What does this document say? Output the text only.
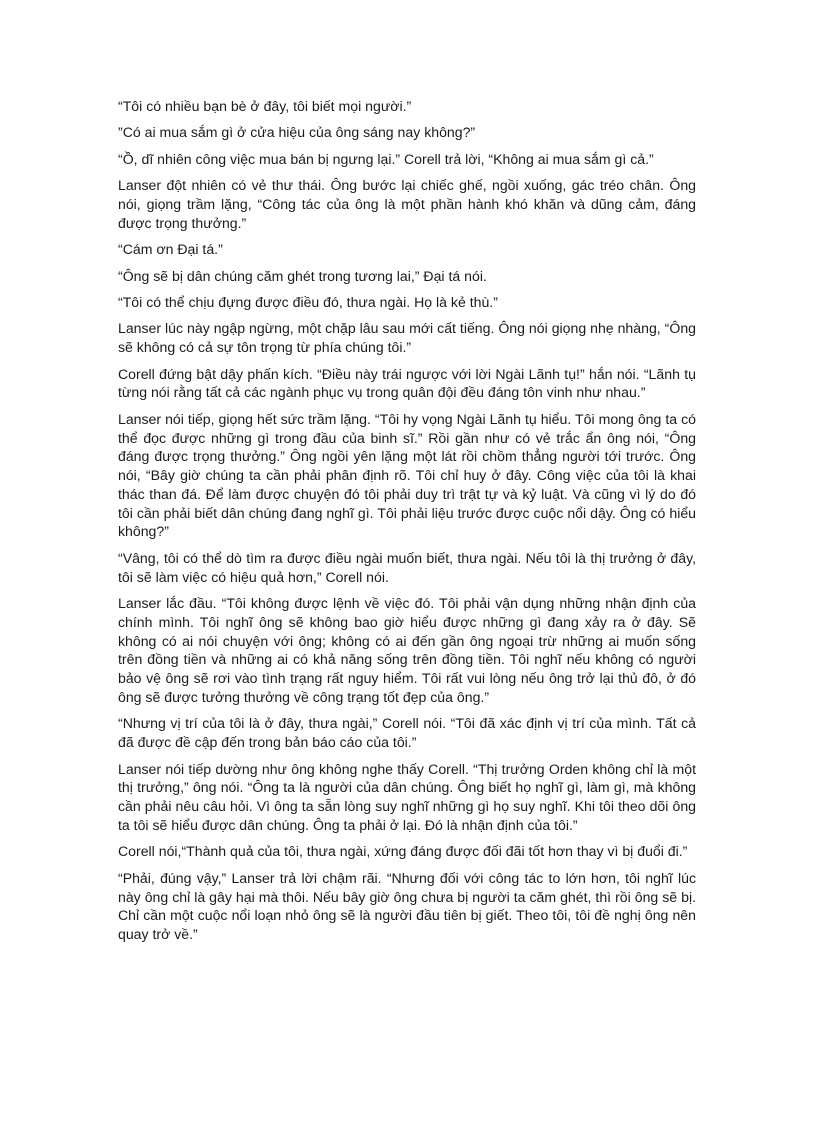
“Tôi có nhiều bạn bè ở đây, tôi biết mọi người.”

”Có ai mua sắm gì ở cửa hiệu của ông sáng nay không?”

“Ồ, dĩ nhiên công việc mua bán bị ngưng lại.” Corell trả lời, “Không ai mua sắm gì cả.”

Lanser đột nhiên có vẻ thư thái. Ông bước lại chiếc ghế, ngồi xuống, gác tréo chân. Ông nói, giọng trầm lặng, “Công tác của ông là một phần hành khó khăn và dũng cảm, đáng được trọng thưởng.”

“Cám ơn Đại tá.”

“Ông sẽ bị dân chúng căm ghét trong tương lai,” Đại tá nói.

“Tôi có thể chịu đựng được điều đó, thưa ngài. Họ là kẻ thù.”

Lanser lúc này ngập ngừng, một chặp lâu sau mới cất tiếng. Ông nói giọng nhẹ nhàng, “Ông sẽ không có cả sự tôn trọng từ phía chúng tôi.”

Corell đứng bật dậy phấn kích. “Điều này trái ngược với lời Ngài Lãnh tụ!” hắn nói. “Lãnh tụ từng nói rằng tất cả các ngành phục vụ trong quân đội đều đáng tôn vinh như nhau.”

Lanser nói tiếp, giọng hết sức trầm lặng. “Tôi hy vọng Ngài Lãnh tụ hiểu. Tôi mong ông ta có thể đọc được những gì trong đầu của binh sĩ.” Rồi gần như có vẻ trắc ẩn ông nói, “Ông đáng được trọng thưởng.” Ông ngồi yên lặng một lát rồi chồm thẳng người tới trước. Ông nói, “Bây giờ chúng ta cần phải phân định rõ. Tôi chỉ huy ở đây. Công việc của tôi là khai thác than đá. Để làm được chuyện đó tôi phải duy trì trật tự và kỷ luật. Và cũng vì lý do đó tôi cần phải biết dân chúng đang nghĩ gì. Tôi phải liệu trước được cuộc nổi dậy. Ông có hiểu không?”

“Vâng, tôi có thể dò tìm ra được điều ngài muốn biết, thưa ngài. Nếu tôi là thị trưởng ở đây, tôi sẽ làm việc có hiệu quả hơn,” Corell nói.

Lanser lắc đầu. “Tôi không được lệnh về việc đó. Tôi phải vận dụng những nhận định của chính mình. Tôi nghĩ ông sẽ không bao giờ hiểu được những gì đang xảy ra ở đây. Sẽ không có ai nói chuyện với ông; không có ai đến gần ông ngoại trừ những ai muốn sống trên đồng tiền và những ai có khả năng sống trên đồng tiền. Tôi nghĩ nếu không có người bảo vệ ông sẽ rơi vào tình trạng rất nguy hiểm. Tôi rất vui lòng nếu ông trở lại thủ đô, ở đó ông sẽ được tưởng thưởng về công trạng tốt đẹp của ông.”

“Nhưng vị trí của tôi là ở đây, thưa ngài,” Corell nói. “Tôi đã xác định vị trí của mình. Tất cả đã được đề cập đến trong bản báo cáo của tôi.”

Lanser nói tiếp dường như ông không nghe thấy Corell. “Thị trưởng Orden không chỉ là một thị trưởng,” ông nói. “Ông ta là người của dân chúng. Ông biết họ nghĩ gì, làm gì, mà không cần phải nêu câu hỏi. Vì ông ta sẵn lòng suy nghĩ những gì họ suy nghĩ. Khi tôi theo dõi ông ta tôi sẽ hiểu được dân chúng. Ông ta phải ở lại. Đó là nhận định của tôi.”

Corell nói,“Thành quả của tôi, thưa ngài, xứng đáng được đối đãi tốt hơn thay vì bị đuổi đi.”

“Phải, đúng vậy,” Lanser trả lời chậm rãi. “Nhưng đối với công tác to lớn hơn, tôi nghĩ lúc này ông chỉ là gây hại mà thôi. Nếu bây giờ ông chưa bị người ta căm ghét, thì rồi ông sẽ bị. Chỉ cần một cuộc nổi loạn nhỏ ông sẽ là người đầu tiên bị giết. Theo tôi, tôi đề nghị ông nên quay trở về.”
